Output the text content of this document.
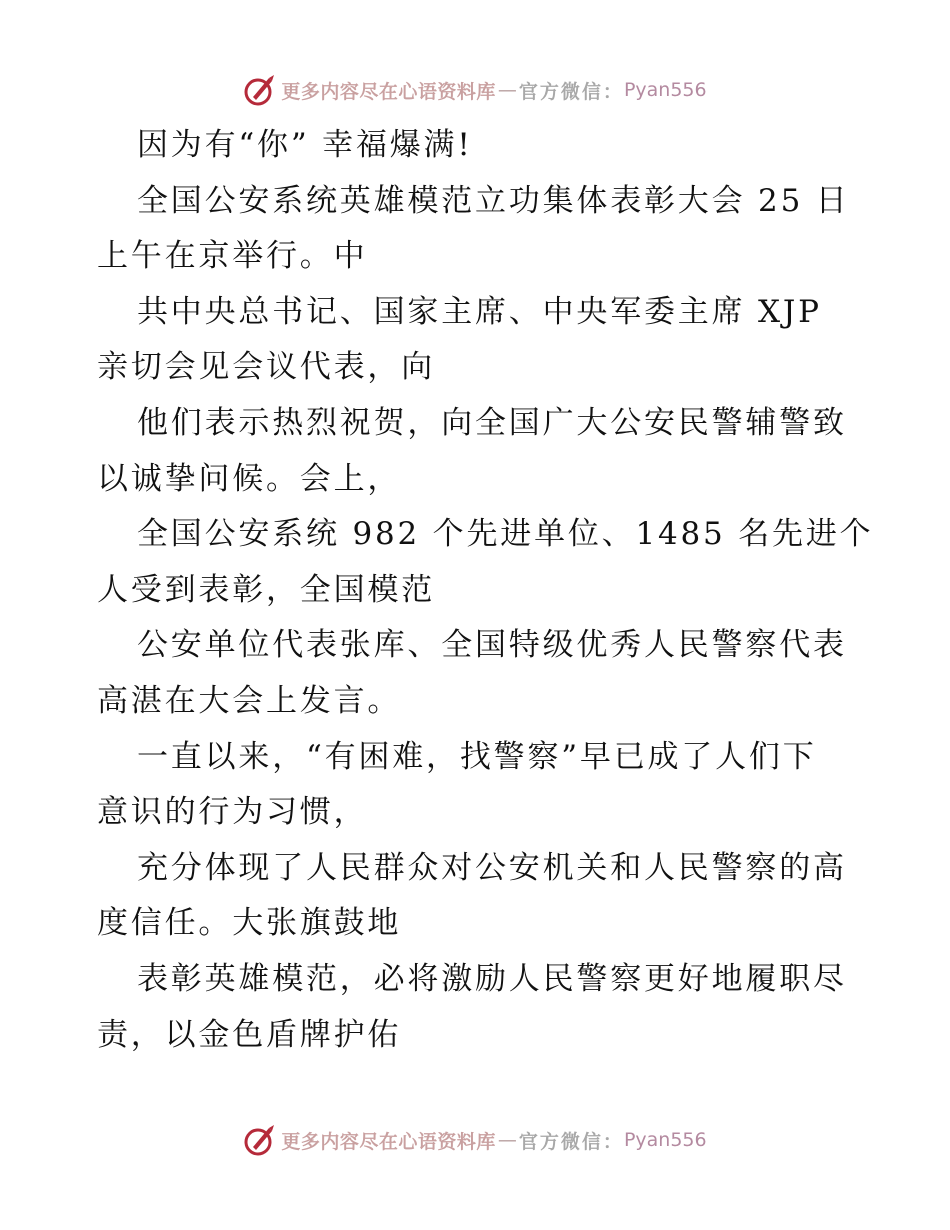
更多内容尽在心语资料库 — 官方微信： Pyan556
因为有“你” 幸福爆满!
全国公安系统英雄模范立功集体表彰大会 25 日
上午在京举行。中
共中央总书记、国家主席、中央军委主席 XJP
亲切会见会议代表，向
他们表示热烈祝贺，向全国广大公安民警辅警致
以诚挚问候。会上，
全国公安系统 982 个先进单位、1485 名先进个
人受到表彰，全国模范
公安单位代表张库、全国特级优秀人民警察代表
高湛在大会上发言。
一直以来，“有困难，找警察”早已成了人们下
意识的行为习惯，
充分体现了人民群众对公安机关和人民警察的高
度信任。大张旗鼓地
表彰英雄模范，必将激励人民警察更好地履职尽
责，以金色盾牌护佑
更多内容尽在心语资料库 — 官方微信： Pyan556
